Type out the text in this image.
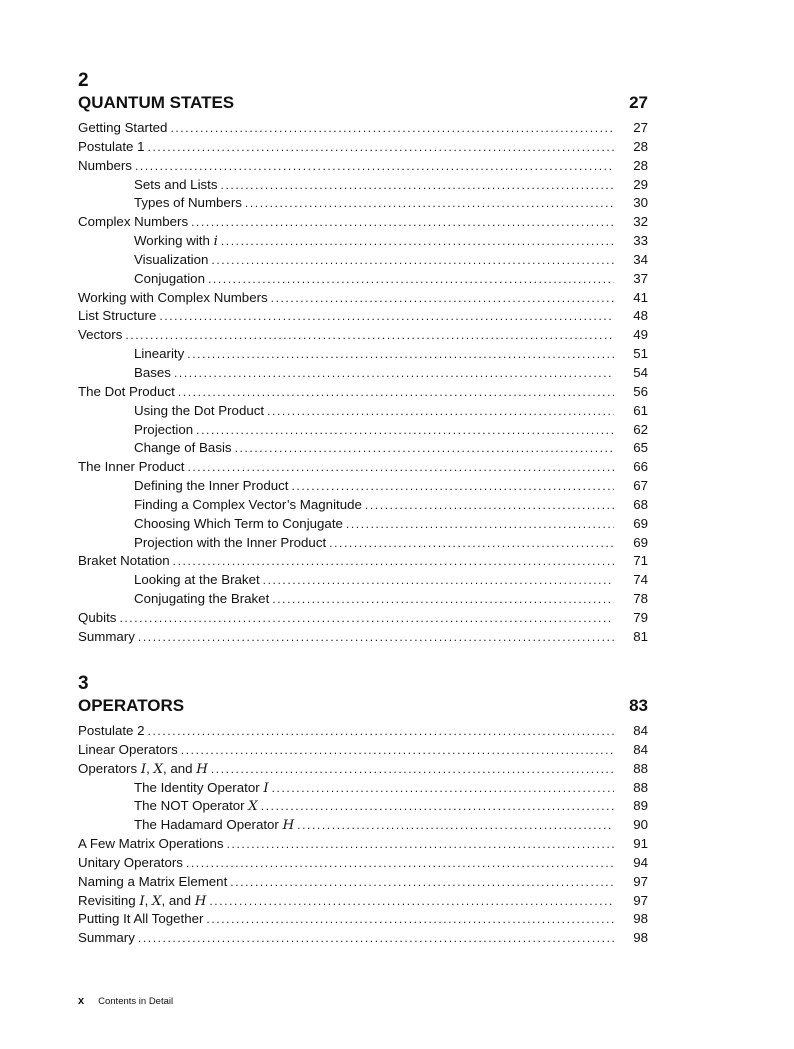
2
QUANTUM STATES	27
Getting Started .....	27
Postulate 1 .....	28
Numbers .....	28
Sets and Lists .....	29
Types of Numbers .....	30
Complex Numbers .....	32
Working with i .....	33
Visualization .....	34
Conjugation .....	37
Working with Complex Numbers .....	41
List Structure .....	48
Vectors .....	49
Linearity .....	51
Bases .....	54
The Dot Product .....	56
Using the Dot Product .....	61
Projection .....	62
Change of Basis .....	65
The Inner Product .....	66
Defining the Inner Product .....	67
Finding a Complex Vector’s Magnitude .....	68
Choosing Which Term to Conjugate .....	69
Projection with the Inner Product .....	69
Braket Notation .....	71
Looking at the Braket .....	74
Conjugating the Braket .....	78
Qubits .....	79
Summary .....	81
3
OPERATORS	83
Postulate 2 .....	84
Linear Operators .....	84
Operators I, X, and H .....	88
The Identity Operator I .....	88
The NOT Operator X .....	89
The Hadamard Operator H .....	90
A Few Matrix Operations .....	91
Unitary Operators .....	94
Naming a Matrix Element .....	97
Revisiting I, X, and H .....	97
Putting It All Together .....	98
Summary .....	98
x Contents in Detail
